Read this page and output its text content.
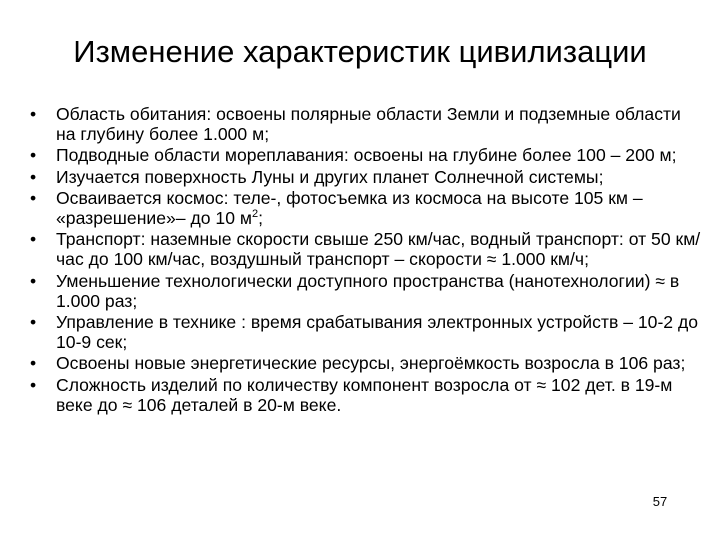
Изменение характеристик цивилизации
•	Область обитания: освоены полярные области Земли и подземные области на глубину более 1.000 м;
•	Подводные области мореплавания: освоены на глубине более 100 – 200 м;
•	Изучается поверхность Луны и других планет Солнечной системы;
•	Осваивается космос: теле-, фотосъемка из космоса на высоте 105 км – «разрешение»– до 10 $м^2$;
•	Транспорт: наземные скорости свыше 250 км/час, водный транспорт: от 50 км/час до 100 км/час, воздушный транспорт – скорости ≈ 1.000 км/ч;
•	Уменьшение технологически доступного пространства (нанотехнологии) ≈ в 1.000 раз;
•	Управление в технике : время срабатывания электронных устройств – 10-2 до 10-9 сек;
•	Освоены новые энергетические ресурсы, энергоёмкость возросла в 106 раз;
•	Сложность изделий по количеству компонент возросла от ≈ 102 дет. в 19-м веке до ≈ 106 деталей в 20-м веке.
57
